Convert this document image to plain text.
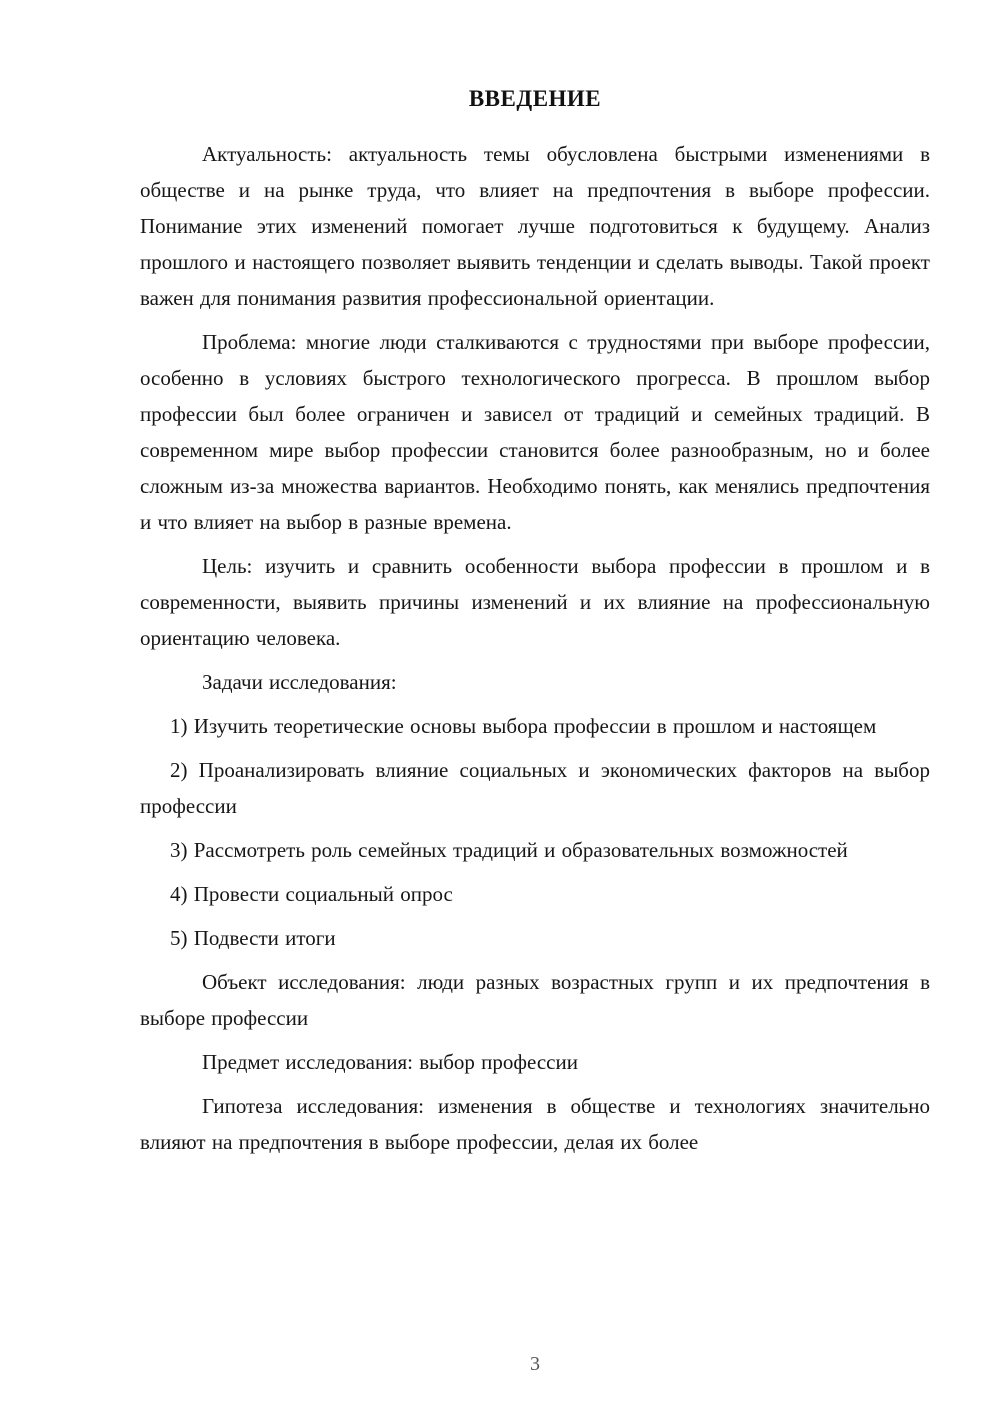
ВВЕДЕНИЕ

Актуальность: актуальность темы обусловлена быстрыми изменениями в обществе и на рынке труда, что влияет на предпочтения в выборе профессии. Понимание этих изменений помогает лучше подготовиться к будущему. Анализ прошлого и настоящего позволяет выявить тенденции и сделать выводы. Такой проект важен для понимания развития профессиональной ориентации.

Проблема: многие люди сталкиваются с трудностями при выборе профессии, особенно в условиях быстрого технологического прогресса. В прошлом выбор профессии был более ограничен и зависел от традиций и семейных традиций. В современном мире выбор профессии становится более разнообразным, но и более сложным из-за множества вариантов. Необходимо понять, как менялись предпочтения и что влияет на выбор в разные времена.

Цель: изучить и сравнить особенности выбора профессии в прошлом и в современности, выявить причины изменений и их влияние на профессиональную ориентацию человека.

Задачи исследования:

1) Изучить теоретические основы выбора профессии в прошлом и настоящем

2) Проанализировать влияние социальных и экономических факторов на выбор профессии

3) Рассмотреть роль семейных традиций и образовательных возможностей

4) Провести социальный опрос

5) Подвести итоги

Объект исследования: люди разных возрастных групп и их предпочтения в выборе профессии

Предмет исследования: выбор профессии

Гипотеза исследования: изменения в обществе и технологиях значительно влияют на предпочтения в выборе профессии, делая их более

3
